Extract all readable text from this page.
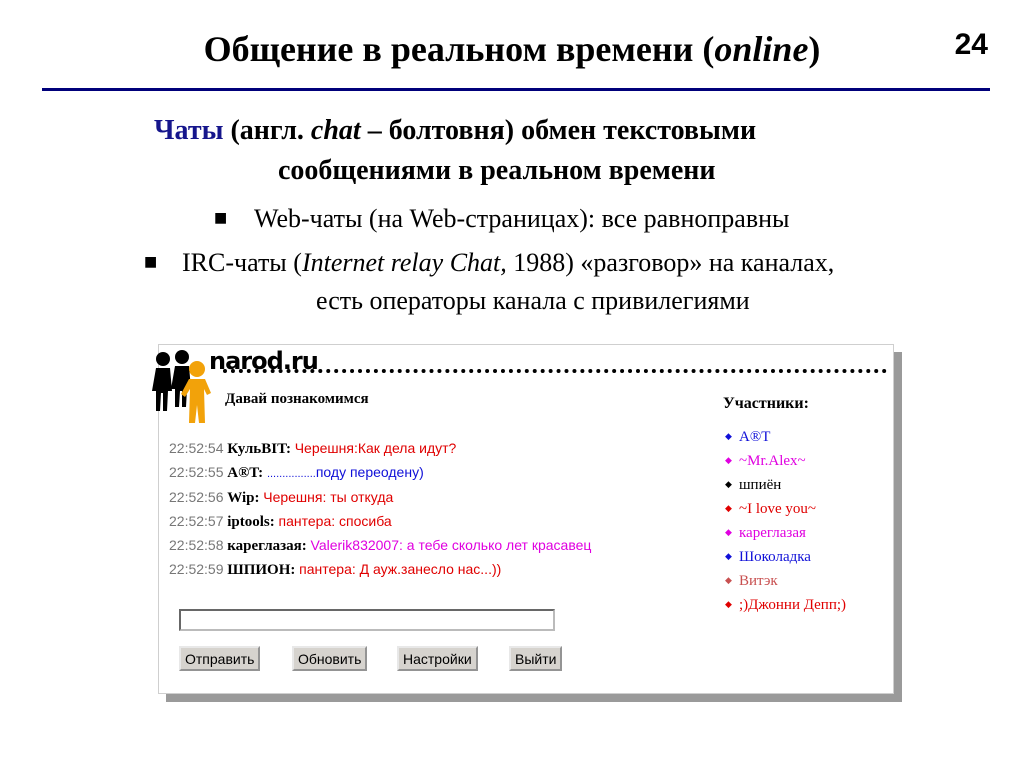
Общение в реальном времени (online)	24
Чаты (англ. chat – болтовня) обмен текстовыми
сообщениями в реальном времени
■ Web-чаты (на Web-страницах): все равноправны
■ IRC-чаты (Internet relay Chat, 1988) «разговор» на каналах,
есть операторы канала с привилегиями
narod.ru
Давай познакомимся	Участники:
22:52:54 КульBIT: Черешня:Как дела идут?
22:52:55 A®T: ................поду переодену)
22:52:56 Wip: Черешня: ты откуда
22:52:57 iptools: пантера: спосиба
22:52:58 кареглазая: Valerik832007: а тебе сколько лет красавец
22:52:59 ШПИОН: пантера: Д ауж.занесло нас...))
◆ A®T
◆ ~Mr.Alex~
◆ шпиён
◆ ~I love you~
◆ кареглазая
◆ Шоколадка
◆ Витэк
◆ ;)Джонни Депп;)
Отправить	Обновить	Настройки	Выйти
